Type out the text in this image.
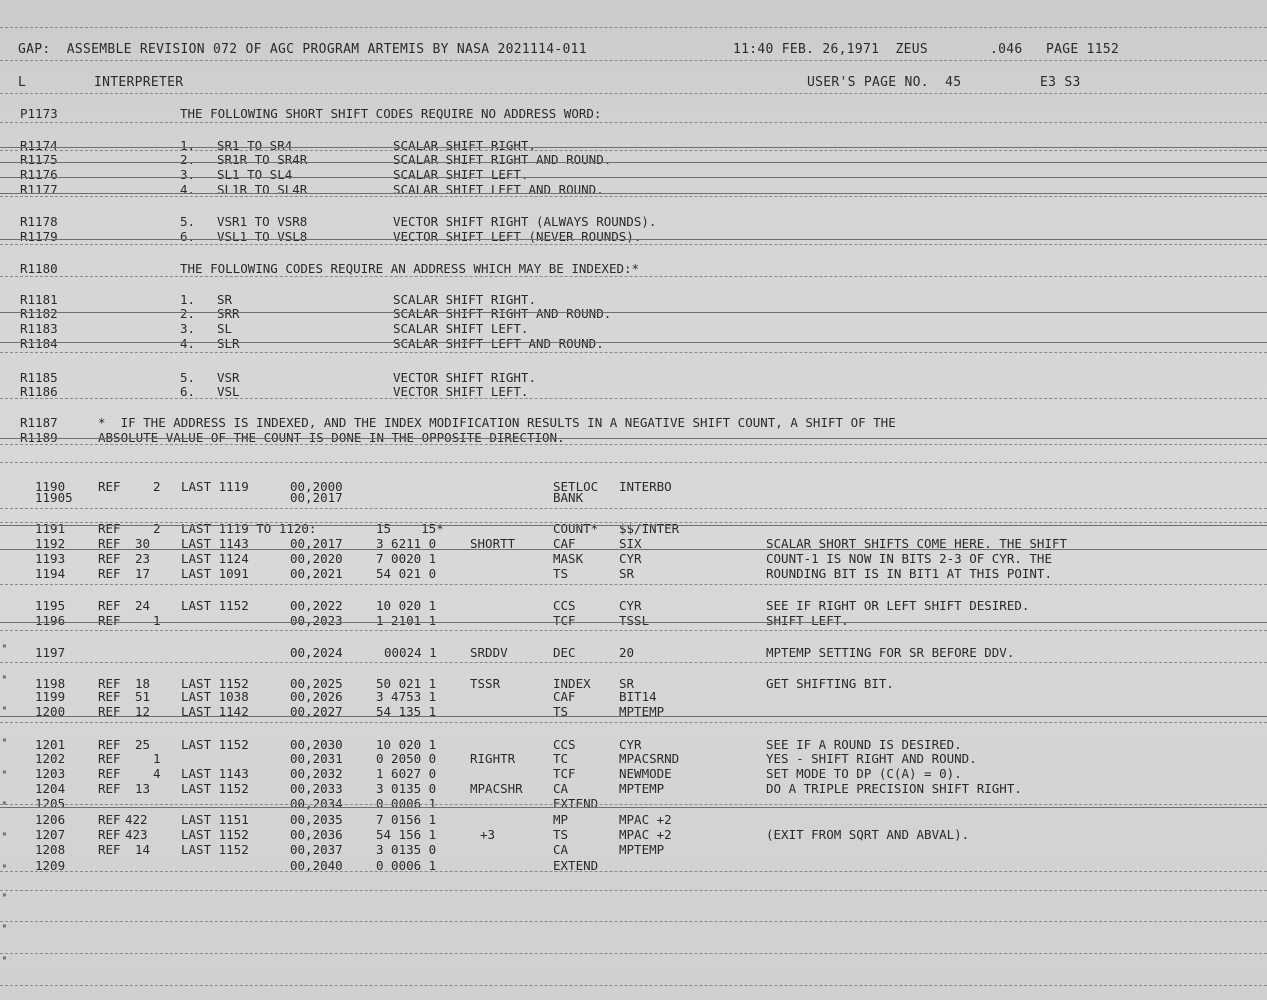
GAP:  ASSEMBLE REVISION 072 OF AGC PROGRAM ARTEMIS BY NASA 2021114-011

	11:40 FEB. 26,1971  ZEUS

	.046

PAGE 1152

L

	INTERPRETER

	USER'S PAGE NO.  45

	E3 S3

P1173	THE FOLLOWING SHORT SHIFT CODES REQUIRE NO ADDRESS WORD:
R1174	1. SR1 TO SR4	SCALAR SHIFT RIGHT.
R1175	2. SR1R TO SR4R	SCALAR SHIFT RIGHT AND ROUND.
R1176	3. SL1 TO SL4	SCALAR SHIFT LEFT.
R1177	4. SL1R TO SL4R	SCALAR SHIFT LEFT AND ROUND.
R1178	5. VSR1 TO VSR8	VECTOR SHIFT RIGHT (ALWAYS ROUNDS).
R1179	6. VSL1 TO VSL8	VECTOR SHIFT LEFT (NEVER ROUNDS).
R1180	THE FOLLOWING CODES REQUIRE AN ADDRESS WHICH MAY BE INDEXED:*
R1181	1. SR	SCALAR SHIFT RIGHT.
R1182	2. SRR	SCALAR SHIFT RIGHT AND ROUND.
R1183	3. SL	SCALAR SHIFT LEFT.
R1184	4. SLR	SCALAR SHIFT LEFT AND ROUND.
R1185	5. VSR	VECTOR SHIFT RIGHT.
R1186	6. VSL	VECTOR SHIFT LEFT.
R1187	*  IF THE ADDRESS IS INDEXED, AND THE INDEX MODIFICATION RESULTS IN A NEGATIVE SHIFT COUNT, A SHIFT OF THE
R1189	ABSOLUTE VALUE OF THE COUNT IS DONE IN THE OPPOSITE DIRECTION.
1190	REF	2 LAST 1119	00,2000	SETLOC INTERBO
11905	00,2017	BANK
1191	REF	2 LAST 1119 TO 1120:	15    15*	COUNT* $$/INTER
1192	REF 30 LAST 1143	00,2017	3 6211 0	SHORTT	CAF	SIX	SCALAR SHORT SHIFTS COME HERE. THE SHIFT
1193	REF 23 LAST 1124	00,2020	7 0020 1	MASK	CYR	COUNT-1 IS NOW IN BITS 2-3 OF CYR. THE
1194	REF 17 LAST 1091	00,2021	54 021 0	TS	SR	ROUNDING BIT IS IN BIT1 AT THIS POINT.
1195	REF 24 LAST 1152	00,2022	10 020 1	CCS	CYR	SEE IF RIGHT OR LEFT SHIFT DESIRED.
1196	REF	1	00,2023	1 2101 1	TCF	TSSL	SHIFT LEFT.
1197	00,2024	00024 1	SRDDV	DEC	20	MPTEMP SETTING FOR SR BEFORE DDV.
1198	REF 18 LAST 1152	00,2025	50 021 1	TSSR	INDEX SR	GET SHIFTING BIT.
1199	REF 51 LAST 1038	00,2026	3 4753 1	CAF	BIT14
1200	REF 12 LAST 1142	00,2027	54 135 1	TS	MPTEMP
1201	REF 25 LAST 1152	00,2030	10 020 1	CCS	CYR	SEE IF A ROUND IS DESIRED.
1202	REF	1	00,2031	0 2050 0	RIGHTR	TC	MPACSRND	YES - SHIFT RIGHT AND ROUND.
1203	REF	4 LAST 1143	00,2032	1 6027 0	TCF	NEWMODE	SET MODE TO DP (C(A) = 0).
1204	REF 13 LAST 1152	00,2033	3 0135 0	MPACSHR CA	MPTEMP	DO A TRIPLE PRECISION SHIFT RIGHT.
1205	00,2034	0 0006 1	EXTEND
1206	REF 422	LAST 1151	00,2035	7 0156 1	MP	MPAC +2
1207	REF 423	LAST 1152	00,2036	54 156 1	+3	TS	MPAC +2	(EXIT FROM SQRT AND ABVAL).
1208	REF 14 LAST 1152	00,2037	3 0135 0	CA	MPTEMP
1209	00,2040	0 0006 1	EXTEND
▪
▪
▪
▪
▪
▪
▪
▪
▪
▪
▪
